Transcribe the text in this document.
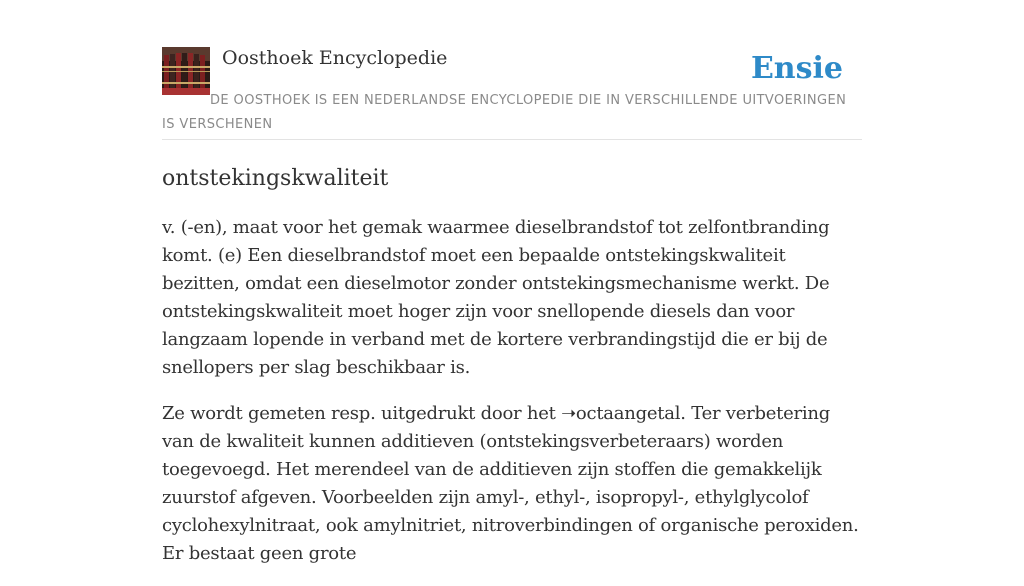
Oosthoek Encyclopedie	Ensie
DE OOSTHOEK IS EEN NEDERLANDSE ENCYCLOPEDIE DIE IN VERSCHILLENDE UITVOERINGEN IS VERSCHENEN
ontstekingskwaliteit

v. (-en), maat voor het gemak waarmee dieselbrandstof tot zelfontbranding komt. (e) Een dieselbrandstof moet een bepaalde ontstekingskwaliteit bezitten, omdat een dieselmotor zonder ontstekingsmechanisme werkt. De ontstekingskwaliteit moet hoger zijn voor snellopende diesels dan voor langzaam lopende in verband met de kortere verbrandingstijd die er bij de snellopers per slag beschikbaar is.

Ze wordt gemeten resp. uitgedrukt door het ➝octaangetal. Ter verbetering van de kwaliteit kunnen additieven (ontstekingsverbeteraars) worden toegevoegd. Het merendeel van de additieven zijn stoffen die gemakkelijk zuurstof afgeven. Voorbeelden zijn amyl-, ethyl-, isopropyl-, ethylglycolof cyclohexylnitraat, ook amylnitriet, nitroverbindingen of organische peroxiden. Er bestaat geen grote
